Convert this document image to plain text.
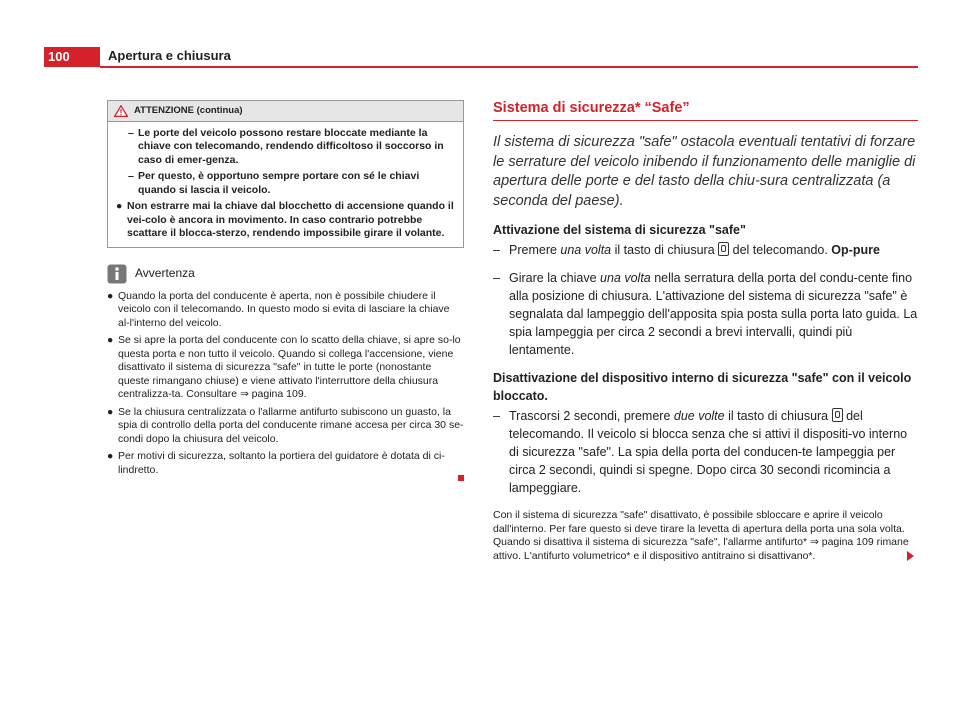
100	Apertura e chiusura
ATTENZIONE (continua)
– Le porte del veicolo possono restare bloccate mediante la chiave con telecomando, rendendo difficoltoso il soccorso in caso di emer-genza.
– Per questo, è opportuno sempre portare con sé le chiavi quando si lascia il veicolo.
● Non estrarre mai la chiave dal blocchetto di accensione quando il vei-colo è ancora in movimento. In caso contrario potrebbe scattare il blocca-sterzo, rendendo impossibile girare il volante.
Avvertenza

● Quando la porta del conducente è aperta, non è possibile chiudere il veicolo con il telecomando. In questo modo si evita di lasciare la chiave al-l'interno del veicolo.

● Se si apre la porta del conducente con lo scatto della chiave, si apre so-lo questa porta e non tutto il veicolo. Quando si collega l'accensione, viene disattivato il sistema di sicurezza "safe" in tutte le porte (nonostante queste rimangano chiuse) e viene attivato l'interruttore della chiusura centralizza-ta. Consultare ⇒ pagina 109.

● Se la chiusura centralizzata o l'allarme antifurto subiscono un guasto, la spia di controllo della porta del conducente rimane accesa per circa 30 se-condi dopo la chiusura del veicolo.

● Per motivi di sicurezza, soltanto la portiera del guidatore è dotata di ci-lindretto.

Sistema di sicurezza* “Safe”
Il sistema di sicurezza "safe" ostacola eventuali tentativi di forzare le serrature del veicolo inibendo il funzionamento delle maniglie di apertura delle porte e del tasto della chiu-sura centralizzata (a seconda del paese).
Attivazione del sistema di sicurezza "safe"
– Premere una volta il tasto di chiusura  del telecomando. Op-pure
– Girare la chiave una volta nella serratura della porta del condu-cente fino alla posizione di chiusura. L'attivazione del sistema di sicurezza "safe" è segnalata dal lampeggio dell'apposita spia posta sulla porta lato guida. La spia lampeggia per circa 2 secondi a brevi intervalli, quindi più lentamente.
Disattivazione del dispositivo interno di sicurezza "safe" con il veicolo bloccato.
– Trascorsi 2 secondi, premere due volte il tasto di chiusura  del telecomando. Il veicolo si blocca senza che si attivi il dispositi-vo interno di sicurezza "safe". La spia della porta del conducen-te lampeggia per circa 2 secondi, quindi si spegne. Dopo circa 30 secondi ricomincia a lampeggiare.
Con il sistema di sicurezza "safe" disattivato, è possibile sbloccare e aprire il veicolo dall'interno. Per fare questo si deve tirare la levetta di apertura della porta una sola volta. Quando si disattiva il sistema di sicurezza "safe", l'allarme antifurto* ⇒ pagina 109 rimane attivo. L'antifurto volumetrico* e il dispositivo antitraino si disattivano*.
